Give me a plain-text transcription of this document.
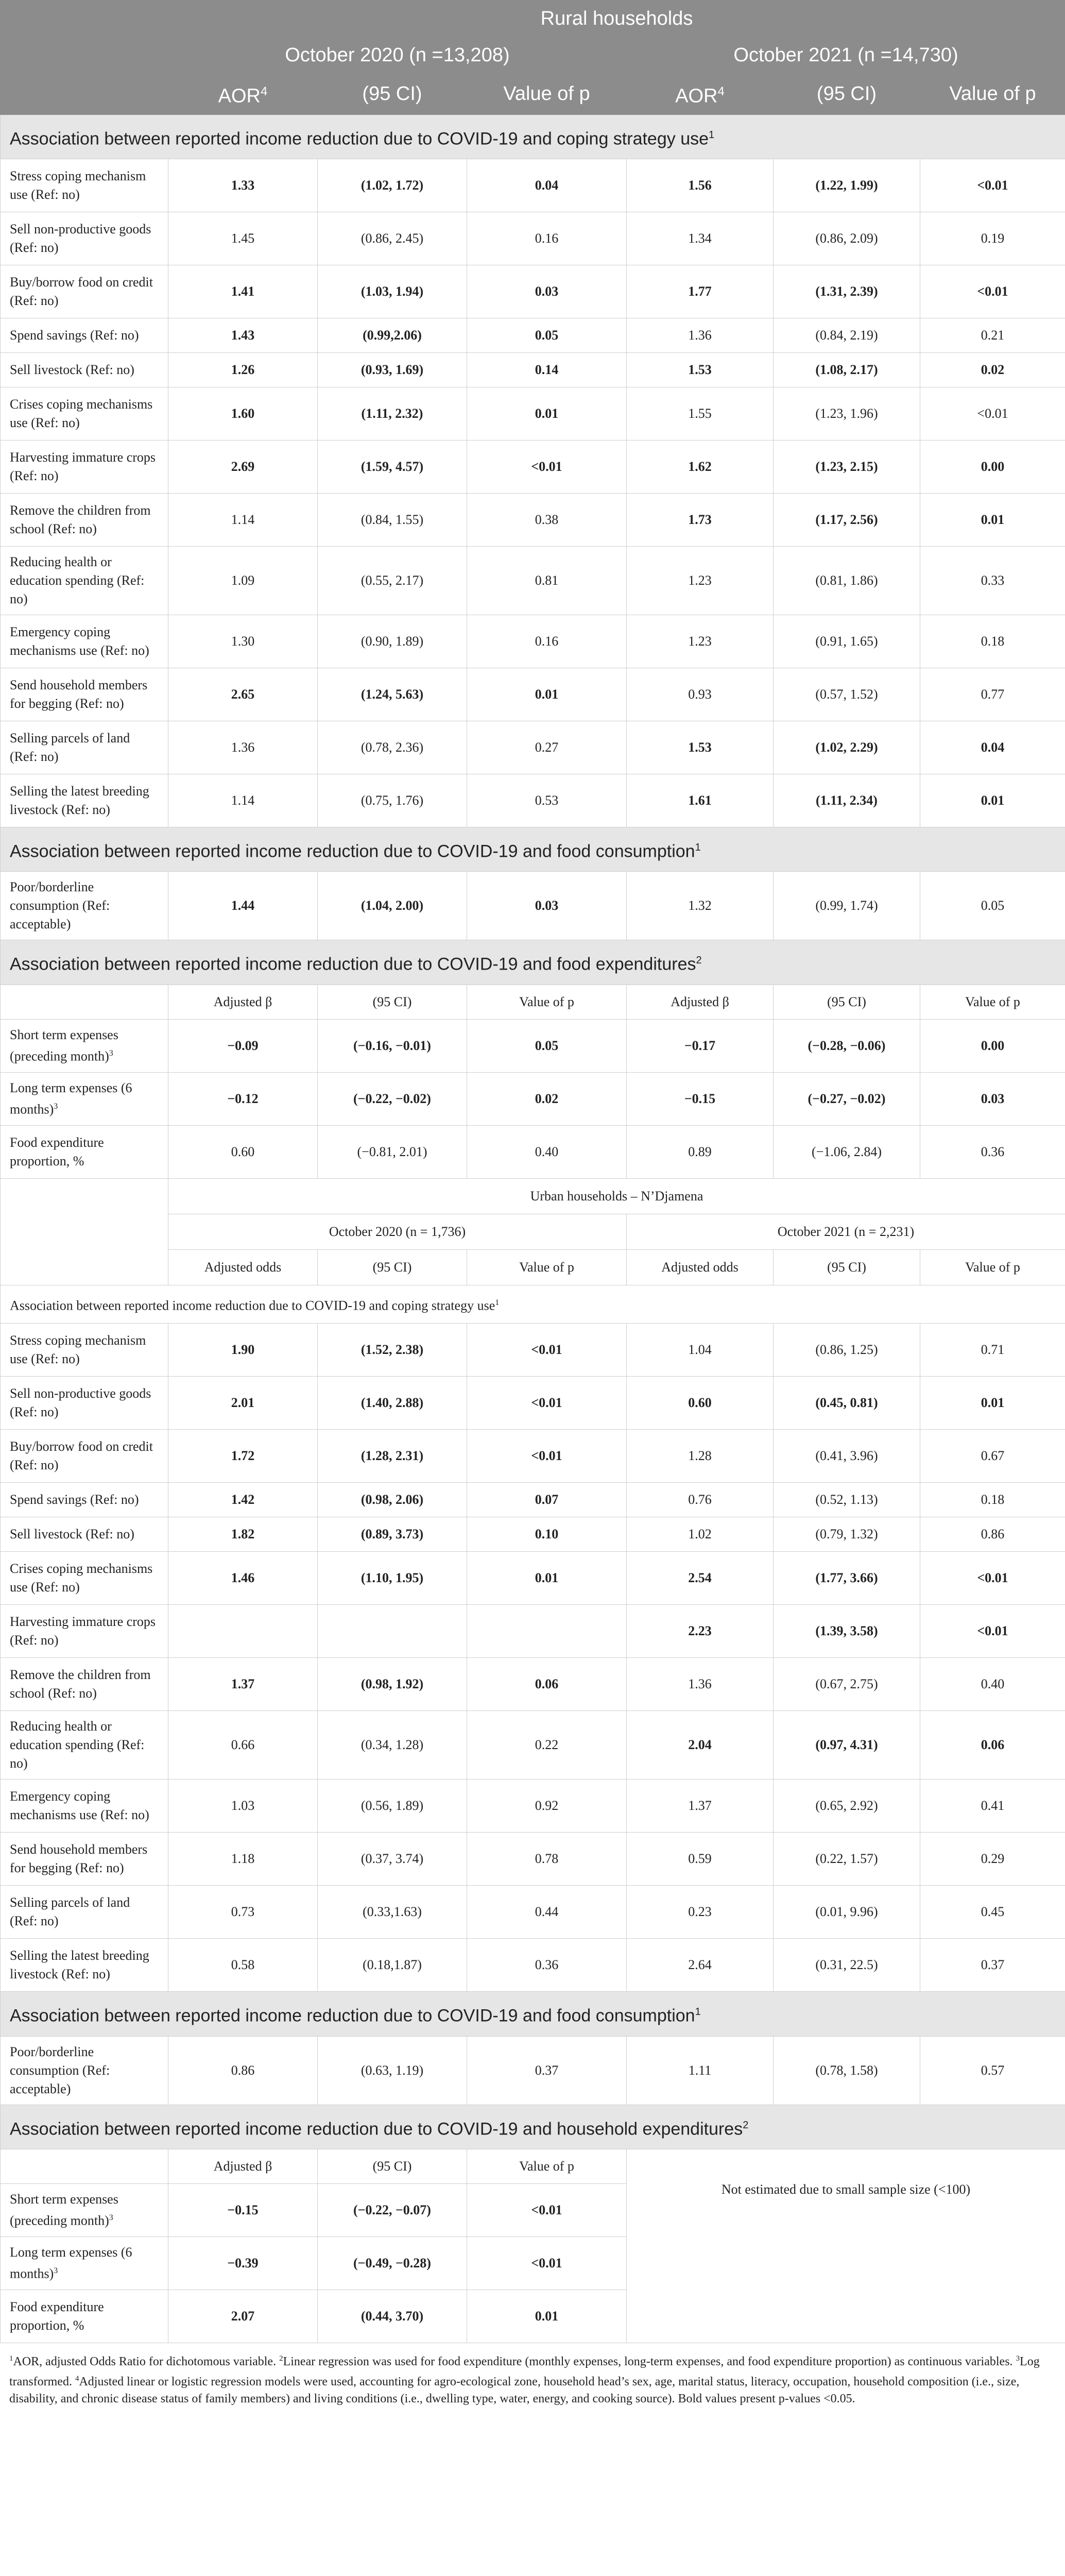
	Rural households					
	October 2020 (n =13,208)			October 2021 (n =14,730)		
	AOR$^4$	(95 CI)	Value of p	AOR$^4$	(95 CI)	Value of p
Association between reported income reduction due to COVID-19 and coping strategy use$^1$
Stress coping mechanism use (Ref: no)	1.33	(1.02, 1.72)	0.04	1.56	(1.22, 1.99)	<0.01
Sell non-productive goods (Ref: no)	1.45	(0.86, 2.45)	0.16	1.34	(0.86, 2.09)	0.19
Buy/borrow food on credit (Ref: no)	1.41	(1.03, 1.94)	0.03	1.77	(1.31, 2.39)	<0.01
Spend savings (Ref: no)	1.43	(0.99,2.06)	0.05	1.36	(0.84, 2.19)	0.21
Sell livestock (Ref: no)	1.26	(0.93, 1.69)	0.14	1.53	(1.08, 2.17)	0.02
Crises coping mechanisms use (Ref: no)	1.60	(1.11, 2.32)	0.01	1.55	(1.23, 1.96)	<0.01
Harvesting immature crops (Ref: no)	2.69	(1.59, 4.57)	<0.01	1.62	(1.23, 2.15)	0.00
Remove the children from school (Ref: no)	1.14	(0.84, 1.55)	0.38	1.73	(1.17, 2.56)	0.01
Reducing health or education spending (Ref: no)	1.09	(0.55, 2.17)	0.81	1.23	(0.81, 1.86)	0.33
Emergency coping mechanisms use (Ref: no)	1.30	(0.90, 1.89)	0.16	1.23	(0.91, 1.65)	0.18
Send household members for begging (Ref: no)	2.65	(1.24, 5.63)	0.01	0.93	(0.57, 1.52)	0.77
Selling parcels of land (Ref: no)	1.36	(0.78, 2.36)	0.27	1.53	(1.02, 2.29)	0.04
Selling the latest breeding livestock (Ref: no)	1.14	(0.75, 1.76)	0.53	1.61	(1.11, 2.34)	0.01
Association between reported income reduction due to COVID-19 and food consumption$^1$
Poor/borderline consumption (Ref: acceptable)	1.44	(1.04, 2.00)	0.03	1.32	(0.99, 1.74)	0.05
Association between reported income reduction due to COVID-19 and food expenditures$^2$
	Adjusted β	(95 CI)	Value of p	Adjusted β	(95 CI)	Value of p
Short term expenses (preceding month)$^3$	−0.09	(−0.16, −0.01)	0.05	−0.17	(−0.28, −0.06)	0.00
Long term expenses (6 months)$^3$	−0.12	(−0.22, −0.02)	0.02	−0.15	(−0.27, −0.02)	0.03
Food expenditure proportion, %	0.60	(−0.81, 2.01)	0.40	0.89	(−1.06, 2.84)	0.36
	Urban households – N’Djamena					
	October 2020 (n = 1,736)			October 2021 (n = 2,231)		
	Adjusted odds	(95 CI)	Value of p	Adjusted odds	(95 CI)	Value of p
Association between reported income reduction due to COVID-19 and coping strategy use$^1$
Stress coping mechanism use (Ref: no)	1.90	(1.52, 2.38)	<0.01	1.04	(0.86, 1.25)	0.71
Sell non-productive goods (Ref: no)	2.01	(1.40, 2.88)	<0.01	0.60	(0.45, 0.81)	0.01
Buy/borrow food on credit (Ref: no)	1.72	(1.28, 2.31)	<0.01	1.28	(0.41, 3.96)	0.67
Spend savings (Ref: no)	1.42	(0.98, 2.06)	0.07	0.76	(0.52, 1.13)	0.18
Sell livestock (Ref: no)	1.82	(0.89, 3.73)	0.10	1.02	(0.79, 1.32)	0.86
Crises coping mechanisms use (Ref: no)	1.46	(1.10, 1.95)	0.01	2.54	(1.77, 3.66)	<0.01
Harvesting immature crops (Ref: no)				2.23	(1.39, 3.58)	<0.01
Remove the children from school (Ref: no)	1.37	(0.98, 1.92)	0.06	1.36	(0.67, 2.75)	0.40
Reducing health or education spending (Ref: no)	0.66	(0.34, 1.28)	0.22	2.04	(0.97, 4.31)	0.06
Emergency coping mechanisms use (Ref: no)	1.03	(0.56, 1.89)	0.92	1.37	(0.65, 2.92)	0.41
Send household members for begging (Ref: no)	1.18	(0.37, 3.74)	0.78	0.59	(0.22, 1.57)	0.29
Selling parcels of land (Ref: no)	0.73	(0.33,1.63)	0.44	0.23	(0.01, 9.96)	0.45
Selling the latest breeding livestock (Ref: no)	0.58	(0.18,1.87)	0.36	2.64	(0.31, 22.5)	0.37
Association between reported income reduction due to COVID-19 and food consumption$^1$
Poor/borderline consumption (Ref: acceptable)	0.86	(0.63, 1.19)	0.37	1.11	(0.78, 1.58)	0.57
Association between reported income reduction due to COVID-19 and household expenditures$^2$
	Adjusted β	(95 CI)	Value of p	Not estimated due to small sample size (<100)		
Short term expenses (preceding month)$^3$	−0.15	(−0.22, −0.07)	<0.01			
Long term expenses (6 months)$^3$	−0.39	(−0.49, −0.28)	<0.01			
Food expenditure proportion, %	2.07	(0.44, 3.70)	0.01			
$^1$AOR, adjusted Odds Ratio for dichotomous variable. $^2$Linear regression was used for food expenditure (monthly expenses, long-term expenses, and food expenditure proportion) as continuous variables. $^3$Log transformed. $^4$Adjusted linear or logistic regression models were used, accounting for agro-ecological zone, household head’s sex, age, marital status, literacy, occupation, household composition (i.e., size, disability, and chronic disease status of family members) and living conditions (i.e., dwelling type, water, energy, and cooking source). Bold values present p-values <0.05.
